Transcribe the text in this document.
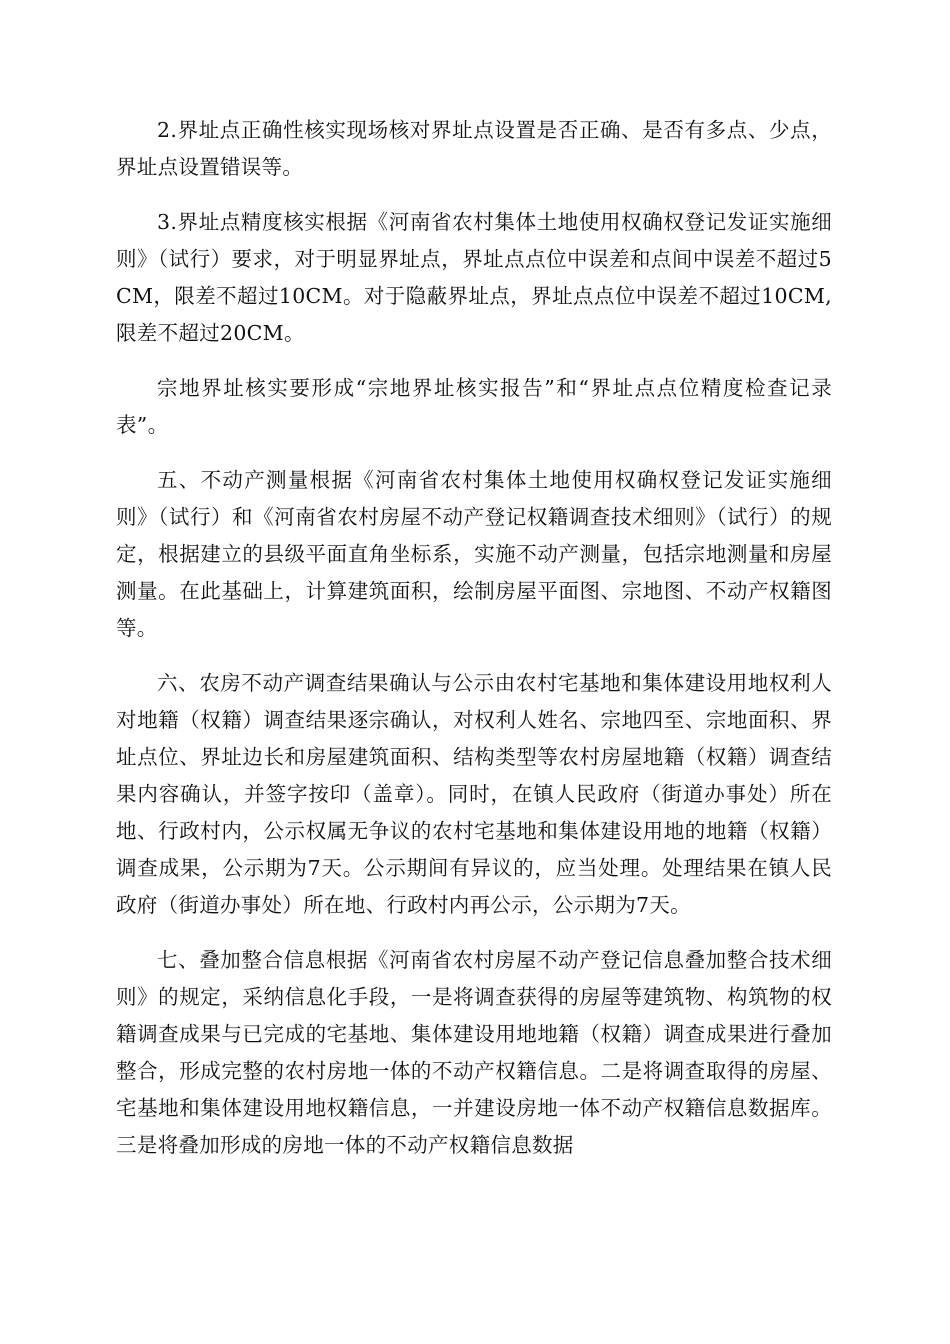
2.界址点正确性核实现场核对界址点设置是否正确、是否有多点、少点，界址点设置错误等。

3.界址点精度核实根据《河南省农村集体土地使用权确权登记发证实施细则》（试行）要求，对于明显界址点，界址点点位中误差和点间中误差不超过5CM，限差不超过10CM。对于隐蔽界址点，界址点点位中误差不超过10CM,限差不超过20CM。

宗地界址核实要形成“宗地界址核实报告”和“界址点点位精度检查记录表”。

五、不动产测量根据《河南省农村集体土地使用权确权登记发证实施细则》（试行）和《河南省农村房屋不动产登记权籍调查技术细则》（试行）的规定，根据建立的县级平面直角坐标系，实施不动产测量，包括宗地测量和房屋测量。在此基础上，计算建筑面积，绘制房屋平面图、宗地图、不动产权籍图等。

六、农房不动产调查结果确认与公示由农村宅基地和集体建设用地权利人对地籍（权籍）调查结果逐宗确认，对权利人姓名、宗地四至、宗地面积、界址点位、界址边长和房屋建筑面积、结构类型等农村房屋地籍（权籍）调查结果内容确认，并签字按印（盖章）。同时，在镇人民政府（街道办事处）所在地、行政村内，公示权属无争议的农村宅基地和集体建设用地的地籍（权籍）调查成果，公示期为7天。公示期间有异议的，应当处理。处理结果在镇人民政府（街道办事处）所在地、行政村内再公示，公示期为7天。

七、叠加整合信息根据《河南省农村房屋不动产登记信息叠加整合技术细则》的规定，采纳信息化手段，一是将调查获得的房屋等建筑物、构筑物的权籍调查成果与已完成的宅基地、集体建设用地地籍（权籍）调查成果进行叠加整合，形成完整的农村房地一体的不动产权籍信息。二是将调查取得的房屋、宅基地和集体建设用地权籍信息，一并建设房地一体不动产权籍信息数据库。三是将叠加形成的房地一体的不动产权籍信息数据
